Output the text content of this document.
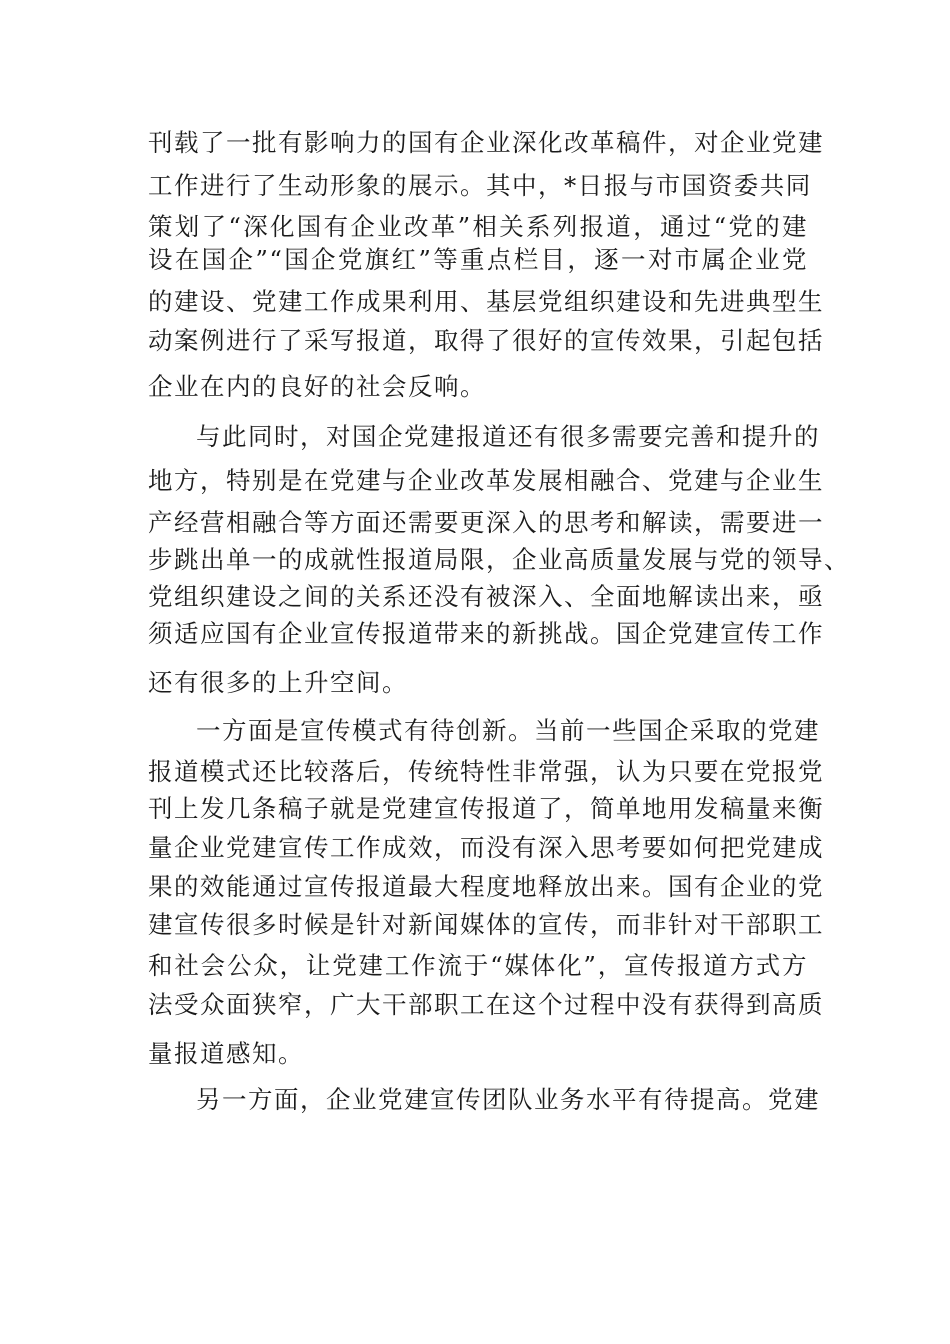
刊载了一批有影响力的国有企业深化改革稿件，对企业党建
工作进行了生动形象的展示。其中，*日报与市国资委共同
策划了“深化国有企业改革”相关系列报道，通过“党的建
设在国企”“国企党旗红”等重点栏目，逐一对市属企业党
的建设、党建工作成果利用、基层党组织建设和先进典型生
动案例进行了采写报道，取得了很好的宣传效果，引起包括
企业在内的良好的社会反响。
与此同时，对国企党建报道还有很多需要完善和提升的
地方，特别是在党建与企业改革发展相融合、党建与企业生
产经营相融合等方面还需要更深入的思考和解读，需要进一
步跳出单一的成就性报道局限，企业高质量发展与党的领导、
党组织建设之间的关系还没有被深入、全面地解读出来，亟
须适应国有企业宣传报道带来的新挑战。国企党建宣传工作
还有很多的上升空间。
一方面是宣传模式有待创新。当前一些国企采取的党建
报道模式还比较落后，传统特性非常强，认为只要在党报党
刊上发几条稿子就是党建宣传报道了，简单地用发稿量来衡
量企业党建宣传工作成效，而没有深入思考要如何把党建成
果的效能通过宣传报道最大程度地释放出来。国有企业的党
建宣传很多时候是针对新闻媒体的宣传，而非针对干部职工
和社会公众，让党建工作流于“媒体化”，宣传报道方式方
法受众面狭窄，广大干部职工在这个过程中没有获得到高质
量报道感知。
另一方面，企业党建宣传团队业务水平有待提高。党建
